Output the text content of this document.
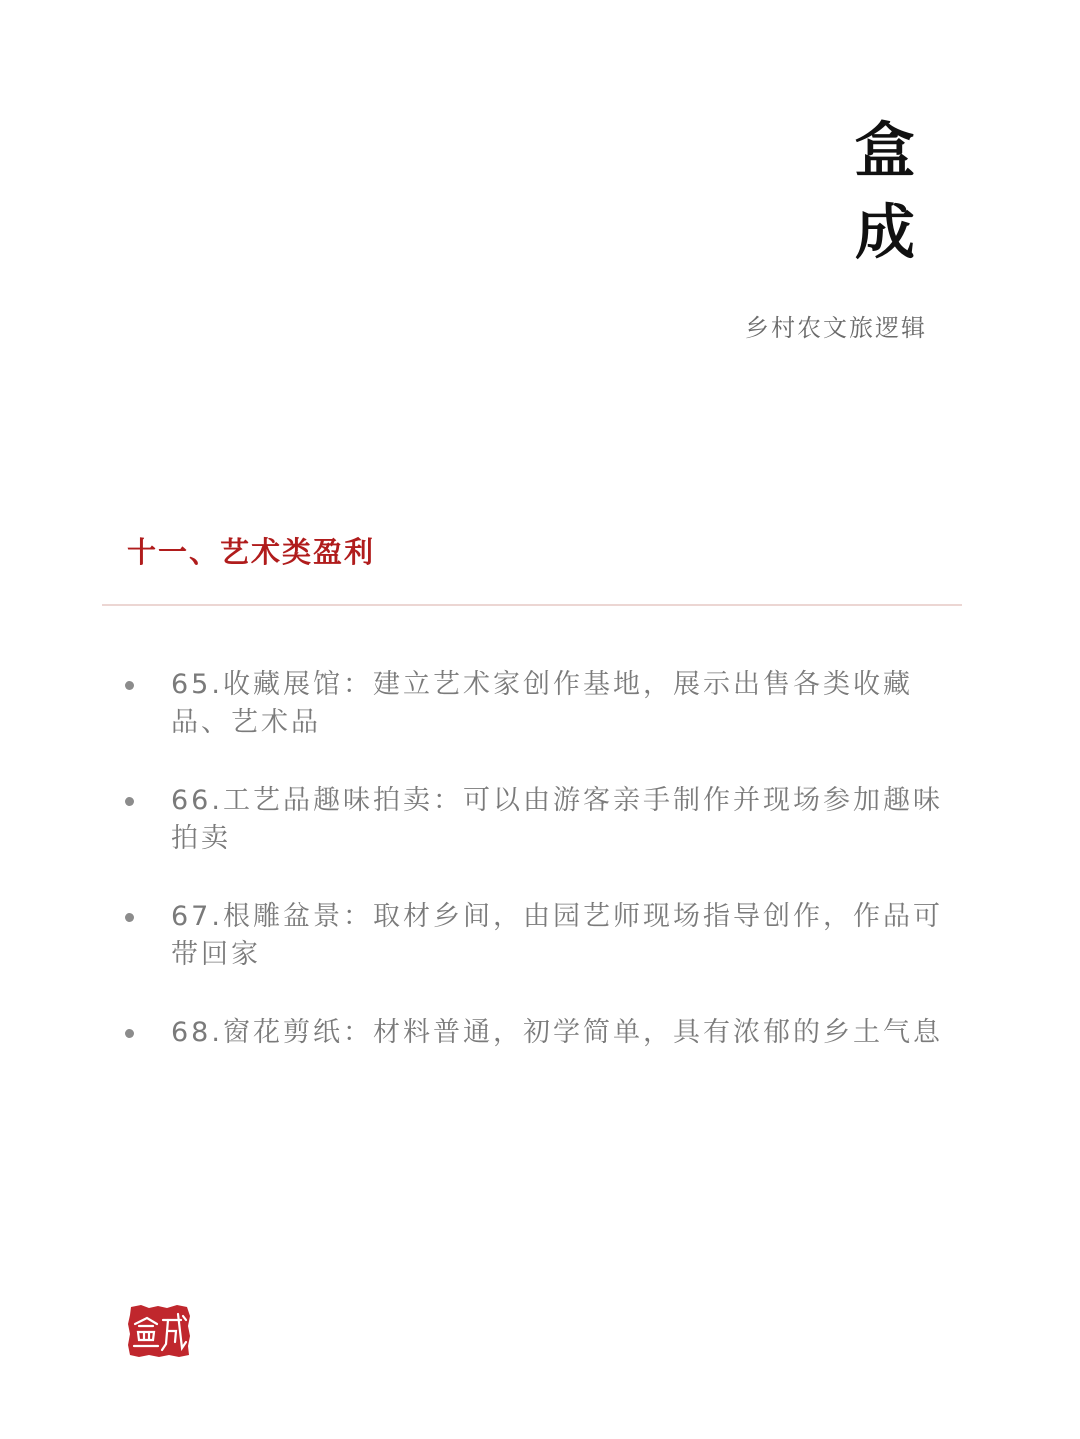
盒
成
乡村农文旅逻辑
十一、艺术类盈利
65.收藏展馆：建立艺术家创作基地，展示出售各类收藏品、艺术品
66.工艺品趣味拍卖：可以由游客亲手制作并现场参加趣味拍卖
67.根雕盆景：取材乡间，由园艺师现场指导创作，作品可带回家
68.窗花剪纸：材料普通，初学简单，具有浓郁的乡土气息
